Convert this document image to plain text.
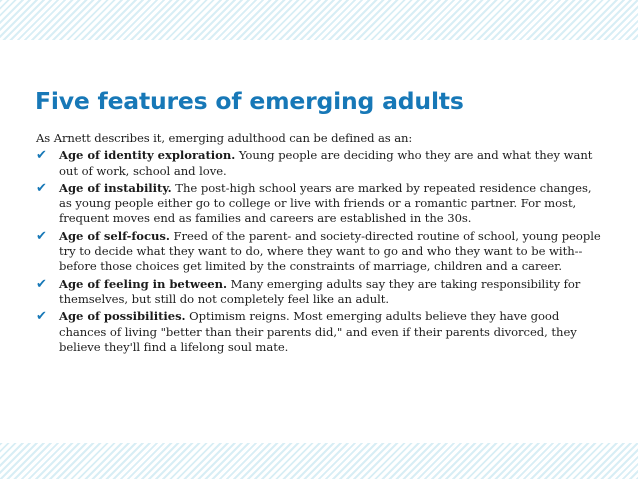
Five features of emerging adults

As Arnett describes it, emerging adulthood can be defined as an:

✔ Age of identity exploration. Young people are deciding who they are and what they want out of work, school and love.
✔ Age of instability. The post-high school years are marked by repeated residence changes, as young people either go to college or live with friends or a romantic partner. For most, frequent moves end as families and careers are established in the 30s.
✔ Age of self-focus. Freed of the parent- and society-directed routine of school, young people try to decide what they want to do, where they want to go and who they want to be with--before those choices get limited by the constraints of marriage, children and a career.
✔ Age of feeling in between. Many emerging adults say they are taking responsibility for themselves, but still do not completely feel like an adult.
✔ Age of possibilities. Optimism reigns. Most emerging adults believe they have good chances of living "better than their parents did," and even if their parents divorced, they believe they'll find a lifelong soul mate.
